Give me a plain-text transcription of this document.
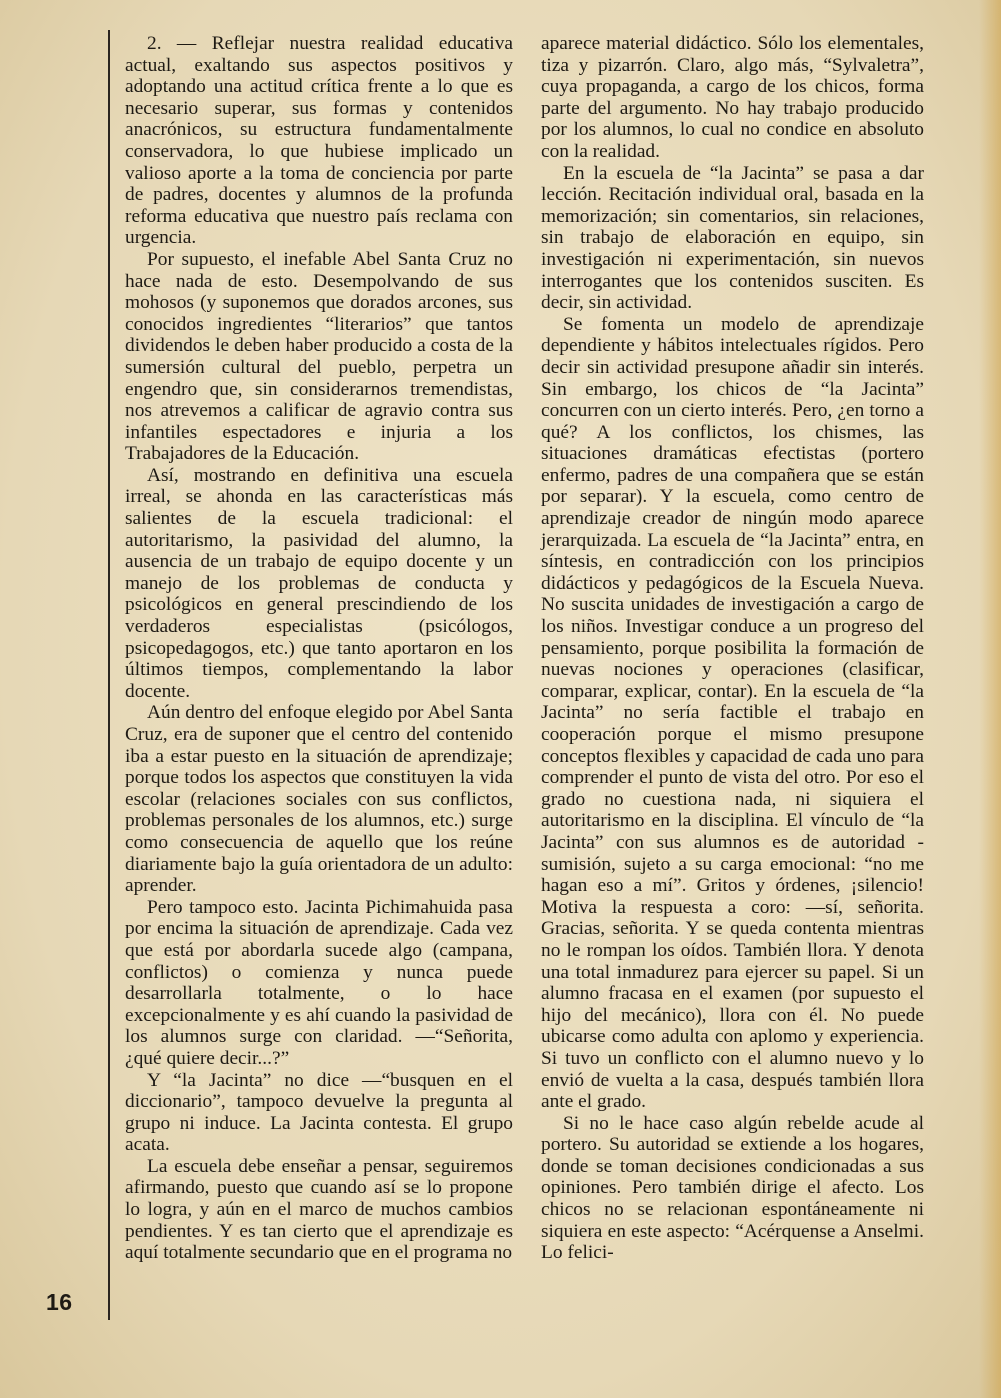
2. — Reflejar nuestra realidad educativa actual, exaltando sus aspectos positivos y adoptando una actitud crítica frente a lo que es necesario superar, sus formas y contenidos anacrónicos, su estructura fundamentalmente conservadora, lo que hubiese implicado un valioso aporte a la toma de conciencia por parte de padres, docentes y alumnos de la profunda reforma educativa que nuestro país reclama con urgencia.

Por supuesto, el inefable Abel Santa Cruz no hace nada de esto. Desempolvando de sus mohosos (y suponemos que dorados arcones, sus conocidos ingredientes “literarios” que tantos dividendos le deben haber producido a costa de la sumersión cultural del pueblo, perpetra un engendro que, sin considerarnos tremendistas, nos atrevemos a calificar de agravio contra sus infantiles espectadores e injuria a los Trabajadores de la Educación.

Así, mostrando en definitiva una escuela irreal, se ahonda en las características más salientes de la escuela tradicional: el autoritarismo, la pasividad del alumno, la ausencia de un trabajo de equipo docente y un manejo de los problemas de conducta y psicológicos en general prescindiendo de los verdaderos especialistas (psicólogos, psicopedagogos, etc.) que tanto aportaron en los últimos tiempos, complementando la labor docente.

Aún dentro del enfoque elegido por Abel Santa Cruz, era de suponer que el centro del contenido iba a estar puesto en la situación de aprendizaje; porque todos los aspectos que constituyen la vida escolar (relaciones sociales con sus conflictos, problemas personales de los alumnos, etc.) surge como consecuencia de aquello que los reúne diariamente bajo la guía orientadora de un adulto: aprender.

Pero tampoco esto. Jacinta Pichimahuida pasa por encima la situación de aprendizaje. Cada vez que está por abordarla sucede algo (campana, conflictos) o comienza y nunca puede desarrollarla totalmente, o lo hace excepcionalmente y es ahí cuando la pasividad de los alumnos surge con claridad. —“Señorita, ¿qué quiere decir...?”

Y “la Jacinta” no dice —“busquen en el diccionario”, tampoco devuelve la pregunta al grupo ni induce. La Jacinta contesta. El grupo acata.

La escuela debe enseñar a pensar, seguiremos afirmando, puesto que cuando así se lo propone lo logra, y aún en el marco de muchos cambios pendientes. Y es tan cierto que el aprendizaje es aquí totalmente secundario que en el programa no

aparece material didáctico. Sólo los elementales, tiza y pizarrón. Claro, algo más, “Sylvaletra”, cuya propaganda, a cargo de los chicos, forma parte del argumento. No hay trabajo producido por los alumnos, lo cual no condice en absoluto con la realidad.

En la escuela de “la Jacinta” se pasa a dar lección. Recitación individual oral, basada en la memorización; sin comentarios, sin relaciones, sin trabajo de elaboración en equipo, sin investigación ni experimentación, sin nuevos interrogantes que los contenidos susciten. Es decir, sin actividad.

Se fomenta un modelo de aprendizaje dependiente y hábitos intelectuales rígidos. Pero decir sin actividad presupone añadir sin interés. Sin embargo, los chicos de “la Jacinta” concurren con un cierto interés. Pero, ¿en torno a qué? A los conflictos, los chismes, las situaciones dramáticas efectistas (portero enfermo, padres de una compañera que se están por separar). Y la escuela, como centro de aprendizaje creador de ningún modo aparece jerarquizada. La escuela de “la Jacinta” entra, en síntesis, en contradicción con los principios didácticos y pedagógicos de la Escuela Nueva. No suscita unidades de investigación a cargo de los niños. Investigar conduce a un progreso del pensamiento, porque posibilita la formación de nuevas nociones y operaciones (clasificar, comparar, explicar, contar). En la escuela de “la Jacinta” no sería factible el trabajo en cooperación porque el mismo presupone conceptos flexibles y capacidad de cada uno para comprender el punto de vista del otro. Por eso el grado no cuestiona nada, ni siquiera el autoritarismo en la disciplina. El vínculo de “la Jacinta” con sus alumnos es de autoridad - sumisión, sujeto a su carga emocional: “no me hagan eso a mí”. Gritos y órdenes, ¡silencio! Motiva la respuesta a coro: —sí, señorita. Gracias, señorita. Y se queda contenta mientras no le rompan los oídos. También llora. Y denota una total inmadurez para ejercer su papel. Si un alumno fracasa en el examen (por supuesto el hijo del mecánico), llora con él. No puede ubicarse como adulta con aplomo y experiencia. Si tuvo un conflicto con el alumno nuevo y lo envió de vuelta a la casa, después también llora ante el grado.

Si no le hace caso algún rebelde acude al portero. Su autoridad se extiende a los hogares, donde se toman decisiones condicionadas a sus opiniones. Pero también dirige el afecto. Los chicos no se relacionan espontáneamente ni siquiera en este aspecto: “Acérquense a Anselmi. Lo felici-

16
